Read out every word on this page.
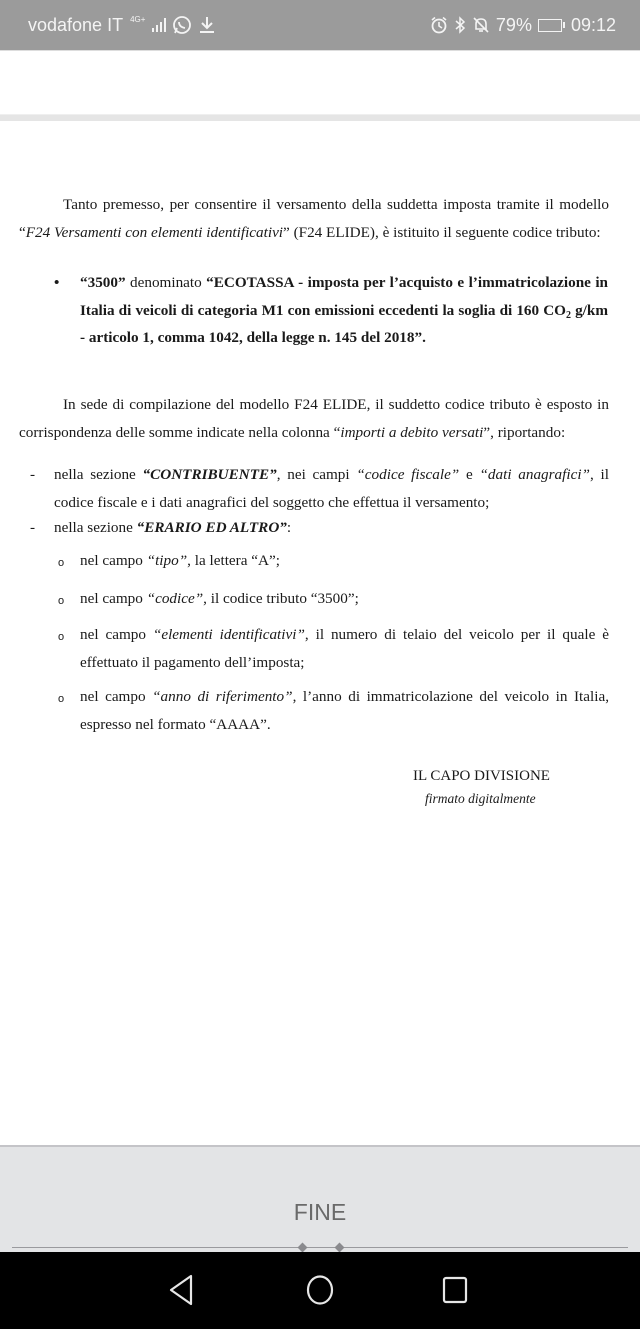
vodafone IT 4G+	79% 09:12

Tanto premesso, per consentire il versamento della suddetta imposta tramite il modello “F24 Versamenti con elementi identificativi” (F24 ELIDE), è istituito il seguente codice tributo:

• “3500” denominato “ECOTASSA - imposta per l’acquisto e l’immatricolazione in Italia di veicoli di categoria M1 con emissioni eccedenti la soglia di 160 $CO_2$ g/km - articolo 1, comma 1042, della legge n. 145 del 2018”.

In sede di compilazione del modello F24 ELIDE, il suddetto codice tributo è esposto in corrispondenza delle somme indicate nella colonna “importi a debito versati”, riportando:

- nella sezione “CONTRIBUENTE”, nei campi “codice fiscale” e “dati anagrafici”, il codice fiscale e i dati anagrafici del soggetto che effettua il versamento;

- nella sezione “ERARIO ED ALTRO”:

o nel campo “tipo”, la lettera “A”;

o nel campo “codice”, il codice tributo “3500”;

o nel campo “elementi identificativi”, il numero di telaio del veicolo per il quale è effettuato il pagamento dell’imposta;

o nel campo “anno di riferimento”, l’anno di immatricolazione del veicolo in Italia, espresso nel formato “AAAA”.

IL CAPO DIVISIONE
firmato digitalmente
FINE
